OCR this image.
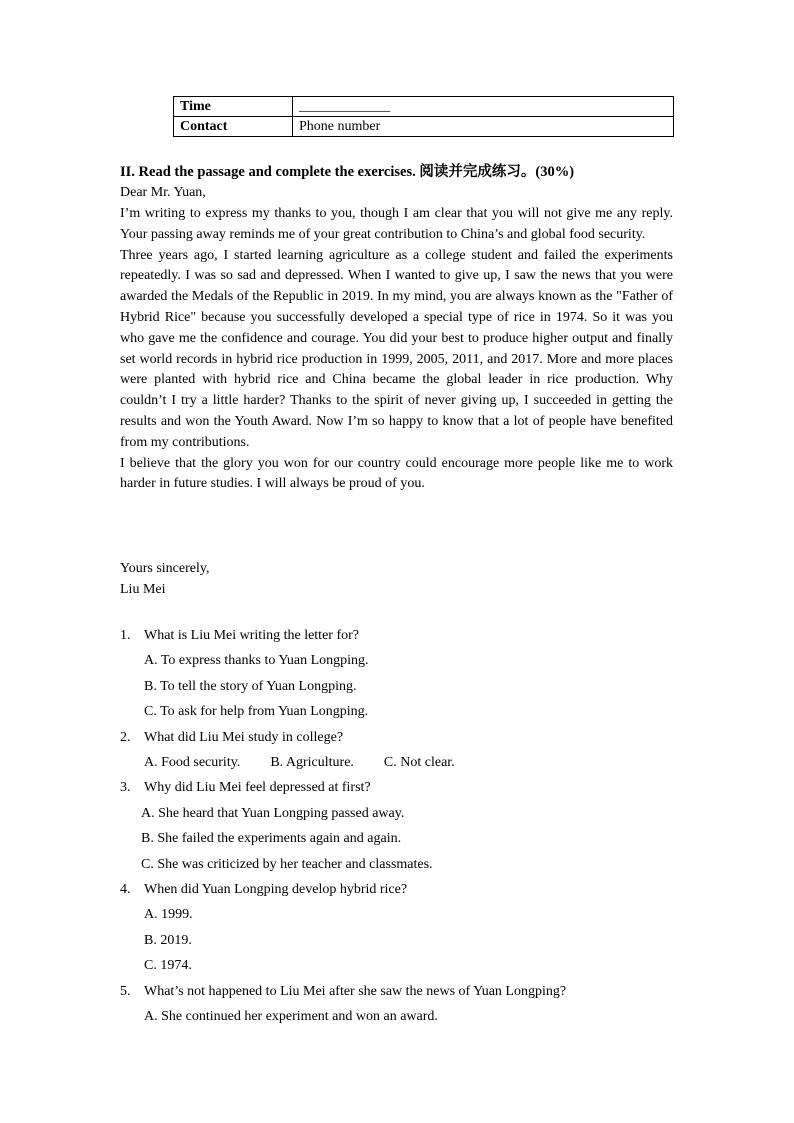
Time	_____________
Contact	Phone number
II. Read the passage and complete the exercises. 阅读并完成练习。(30%)
Dear Mr. Yuan,

I’m writing to express my thanks to you, though I am clear that you will not give me any reply. Your passing away reminds me of your great contribution to China’s and global food security.

Three years ago, I started learning agriculture as a college student and failed the experiments repeatedly. I was so sad and depressed. When I wanted to give up, I saw the news that you were awarded the Medals of the Republic in 2019. In my mind, you are always known as the "Father of Hybrid Rice" because you successfully developed a special type of rice in 1974. So it was you who gave me the confidence and courage. You did your best to produce higher output and finally set world records in hybrid rice production in 1999, 2005, 2011, and 2017. More and more places were planted with hybrid rice and China became the global leader in rice production. Why couldn’t I try a little harder? Thanks to the spirit of never giving up, I succeeded in getting the results and won the Youth Award. Now I’m so happy to know that a lot of people have benefited from my contributions.

I believe that the glory you won for our country could encourage more people like me to work harder in future studies. I will always be proud of you.

Yours sincerely,

Liu Mei

1. What is Liu Mei writing the letter for?
A. To express thanks to Yuan Longping.
B. To tell the story of Yuan Longping.
C. To ask for help from Yuan Longping.
2. What did Liu Mei study in college?
A. Food security. B. Agriculture. C. Not clear.
3. Why did Liu Mei feel depressed at first?
A. She heard that Yuan Longping passed away.
B. She failed the experiments again and again.
C. She was criticized by her teacher and classmates.
4. When did Yuan Longping develop hybrid rice?
A. 1999.
B. 2019.
C. 1974.
5. What’s not happened to Liu Mei after she saw the news of Yuan Longping?
A. She continued her experiment and won an award.
